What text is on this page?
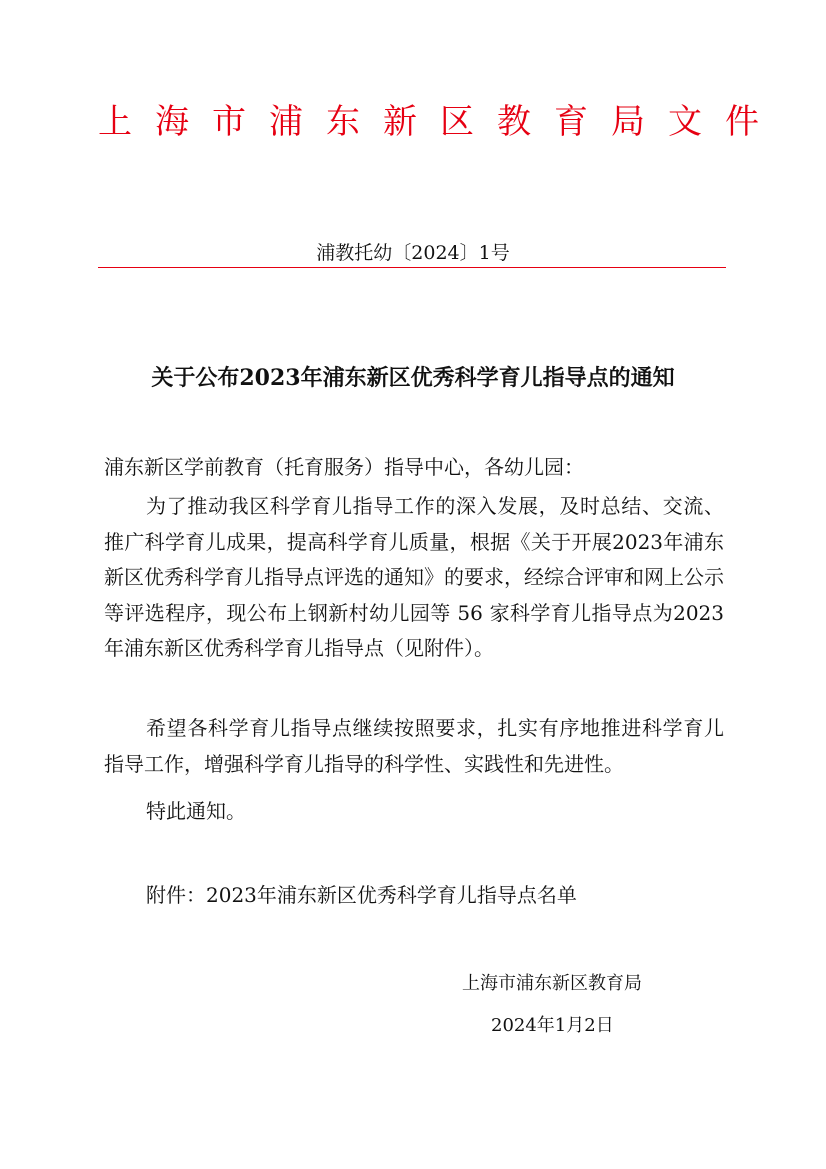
上海市浦东新区教育局文件
浦教托幼〔2024〕1号
关于公布2023年浦东新区优秀科学育儿指导点的通知
浦东新区学前教育（托育服务）指导中心，各幼儿园：

为了推动我区科学育儿指导工作的深入发展，及时总结、交流、推广科学育儿成果，提高科学育儿质量，根据《关于开展2023年浦东新区优秀科学育儿指导点评选的通知》的要求，经综合评审和网上公示等评选程序，现公布上钢新村幼儿园等 56 家科学育儿指导点为2023年浦东新区优秀科学育儿指导点（见附件）。

希望各科学育儿指导点继续按照要求，扎实有序地推进科学育儿指导工作，增强科学育儿指导的科学性、实践性和先进性。

特此通知。

附件：2023年浦东新区优秀科学育儿指导点名单
上海市浦东新区教育局
2024年1月2日
